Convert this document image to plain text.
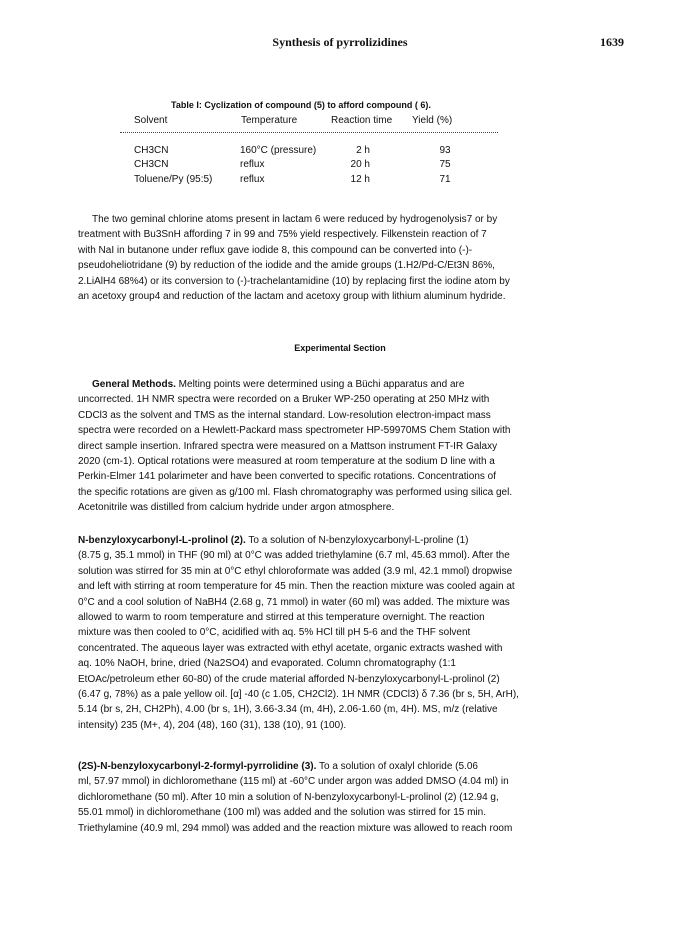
Synthesis of pyrrolizidines	1639
Table I: Cyclization of compound (5) to afford compound ( 6).
Solvent	Temperature	Reaction time Yield (%)
CH3CN	160°C (pressure)	2 h	93
CH3CN	reflux	20 h	75
Toluene/Py (95:5)	reflux	12 h	71
The two geminal chlorine atoms present in lactam 6 were reduced by hydrogenolysis7 or by
treatment with Bu3SnH affording 7 in 99 and 75% yield respectively. Filkenstein reaction of 7
with NaI in butanone under reflux gave iodide 8, this compound can be converted into (-)-
pseudoheliotridane (9) by reduction of the iodide and the amide groups (1.H2/Pd-C/Et3N 86%,
2.LiAlH4 68%4) or its conversion to (-)-trachelantamidine (10) by replacing first the iodine atom by
an acetoxy group4 and reduction of the lactam and acetoxy group with lithium aluminum hydride.
Experimental Section
General Methods. Melting points were determined using a Büchi apparatus and are
uncorrected. 1H NMR spectra were recorded on a Bruker WP-250 operating at 250 MHz with
CDCl3 as the solvent and TMS as the internal standard. Low-resolution electron-impact mass
spectra were recorded on a Hewlett-Packard mass spectrometer HP-59970MS Chem Station with
direct sample insertion. Infrared spectra were measured on a Mattson instrument FT-IR Galaxy
2020 (cm-1). Optical rotations were measured at room temperature at the sodium D line with a
Perkin-Elmer 141 polarimeter and have been converted to specific rotations. Concentrations of
the specific rotations are given as g/100 ml. Flash chromatography was performed using silica gel.
Acetonitrile was distilled from calcium hydride under argon atmosphere.
N-benzyloxycarbonyl-L-prolinol (2). To a solution of N-benzyloxycarbonyl-L-proline (1)
(8.75 g, 35.1 mmol) in THF (90 ml) at 0°C was added triethylamine (6.7 ml, 45.63 mmol). After the
solution was stirred for 35 min at 0°C ethyl chloroformate was added (3.9 ml, 42.1 mmol) dropwise
and left with stirring at room temperature for 45 min. Then the reaction mixture was cooled again at
0°C and a cool solution of NaBH4 (2.68 g, 71 mmol) in water (60 ml) was added. The mixture was
allowed to warm to room temperature and stirred at this temperature overnight. The reaction
mixture was then cooled to 0°C, acidified with aq. 5% HCl till pH 5-6 and the THF solvent
concentrated. The aqueous layer was extracted with ethyl acetate, organic extracts washed with
aq. 10% NaOH, brine, dried (Na2SO4) and evaporated. Column chromatography (1:1
EtOAc/petroleum ether 60-80) of the crude material afforded N-benzyloxycarbonyl-L-prolinol (2)
(6.47 g, 78%) as a pale yellow oil. [α] -40 (c 1.05, CH2Cl2). 1H NMR (CDCl3) δ 7.36 (br s, 5H, ArH),
5.14 (br s, 2H, CH2Ph), 4.00 (br s, 1H), 3.66-3.34 (m, 4H), 2.06-1.60 (m, 4H). MS, m/z (relative
intensity) 235 (M+, 4), 204 (48), 160 (31), 138 (10), 91 (100).
(2S)-N-benzyloxycarbonyl-2-formyl-pyrrolidine (3). To a solution of oxalyl chloride (5.06
ml, 57.97 mmol) in dichloromethane (115 ml) at -60°C under argon was added DMSO (4.04 ml) in
dichloromethane (50 ml). After 10 min a solution of N-benzyloxycarbonyl-L-prolinol (2) (12.94 g,
55.01 mmol) in dichloromethane (100 ml) was added and the solution was stirred for 15 min.
Triethylamine (40.9 ml, 294 mmol) was added and the reaction mixture was allowed to reach room
